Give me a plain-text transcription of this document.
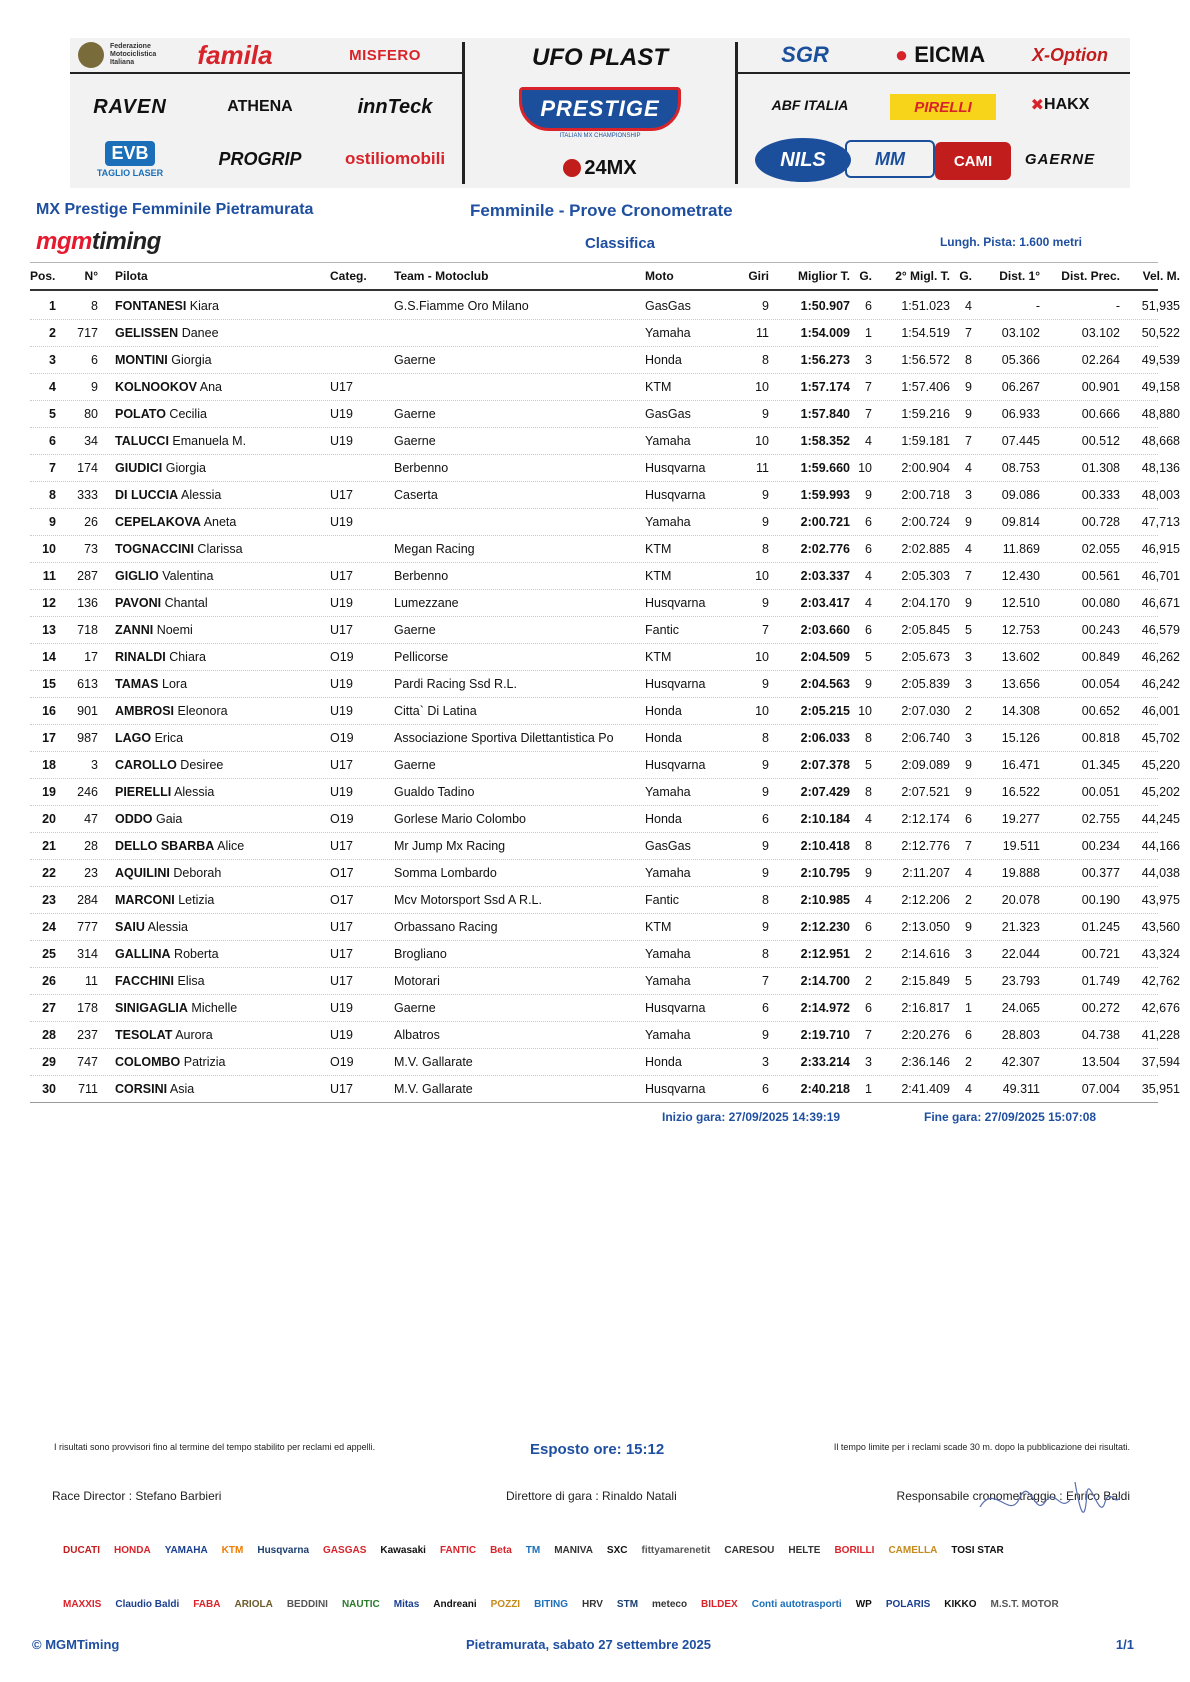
Federazione Motociclistica Italiana	famila	MISFERO
RAVEN	ATHENA	innTeck
EVB
TAGLIO LASER
PROGRIP	ostiliomobili
UFO PLAST
PRESTIGE
ITALIAN MX CHAMPIONSHIP
24MX
SGR	● EICMA	X-Option
ABF ITALIA	PIRELLI	✖ HAKX
NILS	MM	CAMI	GAERNE
MX Prestige Femminile Pietramurata	Femminile - Prove Cronometrate
mgmtiming	Classifica	Lungh. Pista: 1.600 metri
Pos.	N° Pilota	Categ. Team - Motoclub	Moto	Giri	Miglior T. G.	2° Migl. T. G.	Dist. 1° Dist. Prec.	Vel. M.
1	8 FONTANESI Kiara	G.S.Fiamme Oro Milano	GasGas	9	1:50.907	6	1:51.023	4	-	-	51,935
2	717 GELISSEN Danee	Yamaha	11	1:54.009	1	1:54.519	7	03.102	03.102	50,522
3	6 MONTINI Giorgia	Gaerne	Honda	8	1:56.273	3	1:56.572	8	05.366	02.264	49,539
4	9 KOLNOOKOV Ana	U17	KTM	10	1:57.174	7	1:57.406	9	06.267	00.901	49,158
5	80 POLATO Cecilia	U19	Gaerne	GasGas	9	1:57.840	7	1:59.216	9	06.933	00.666	48,880
6	34 TALUCCI Emanuela M.	U19	Gaerne	Yamaha	10	1:58.352	4	1:59.181	7	07.445	00.512	48,668
7	174 GIUDICI Giorgia	Berbenno	Husqvarna	11	1:59.660 10	2:00.904	4	08.753	01.308	48,136
8	333 DI LUCCIA Alessia	U17	Caserta	Husqvarna	9	1:59.993	9	2:00.718	3	09.086	00.333	48,003
9	26 CEPELAKOVA Aneta	U19	Yamaha	9	2:00.721	6	2:00.724	9	09.814	00.728	47,713
10	73 TOGNACCINI Clarissa	Megan Racing	KTM	8	2:02.776	6	2:02.885	4	11.869	02.055	46,915
11	287 GIGLIO Valentina	U17	Berbenno	KTM	10	2:03.337	4	2:05.303	7	12.430	00.561	46,701
12	136 PAVONI Chantal	U19	Lumezzane	Husqvarna	9	2:03.417	4	2:04.170	9	12.510	00.080	46,671
13	718 ZANNI Noemi	U17	Gaerne	Fantic	7	2:03.660	6	2:05.845	5	12.753	00.243	46,579
14	17 RINALDI Chiara	O19	Pellicorse	KTM	10	2:04.509	5	2:05.673	3	13.602	00.849	46,262
15	613 TAMAS Lora	U19	Pardi Racing Ssd R.L.	Husqvarna	9	2:04.563	9	2:05.839	3	13.656	00.054	46,242
16	901 AMBROSI Eleonora	U19	Citta` Di Latina	Honda	10	2:05.215 10	2:07.030	2	14.308	00.652	46,001
17	987 LAGO Erica	O19	Associazione Sportiva Dilettantistica Po	Honda	8	2:06.033	8	2:06.740	3	15.126	00.818	45,702
18	3 CAROLLO Desiree	U17	Gaerne	Husqvarna	9	2:07.378	5	2:09.089	9	16.471	01.345	45,220
19	246 PIERELLI Alessia	U19	Gualdo Tadino	Yamaha	9	2:07.429	8	2:07.521	9	16.522	00.051	45,202
20	47 ODDO Gaia	O19	Gorlese Mario Colombo	Honda	6	2:10.184	4	2:12.174	6	19.277	02.755	44,245
21	28 DELLO SBARBA Alice	U17	Mr Jump Mx Racing	GasGas	9	2:10.418	8	2:12.776	7	19.511	00.234	44,166
22	23 AQUILINI Deborah	O17	Somma Lombardo	Yamaha	9	2:10.795	9	2:11.207	4	19.888	00.377	44,038
23	284 MARCONI Letizia	O17	Mcv Motorsport Ssd A R.L.	Fantic	8	2:10.985	4	2:12.206	2	20.078	00.190	43,975
24	777 SAIU Alessia	U17	Orbassano Racing	KTM	9	2:12.230	6	2:13.050	9	21.323	01.245	43,560
25	314 GALLINA Roberta	U17	Brogliano	Yamaha	8	2:12.951	2	2:14.616	3	22.044	00.721	43,324
26	11 FACCHINI Elisa	U17	Motorari	Yamaha	7	2:14.700	2	2:15.849	5	23.793	01.749	42,762
27	178 SINIGAGLIA Michelle	U19	Gaerne	Husqvarna	6	2:14.972	6	2:16.817	1	24.065	00.272	42,676
28	237 TESOLAT Aurora	U19	Albatros	Yamaha	9	2:19.710	7	2:20.276	6	28.803	04.738	41,228
29	747 COLOMBO Patrizia	O19	M.V. Gallarate	Honda	3	2:33.214	3	2:36.146	2	42.307	13.504	37,594
30	711 CORSINI Asia	U17	M.V. Gallarate	Husqvarna	6	2:40.218	1	2:41.409	4	49.311	07.004	35,951
Inizio gara: 27/09/2025 14:39:19	Fine gara: 27/09/2025 15:07:08
I risultati sono provvisori fino al termine del tempo stabilito per reclami ed appelli.	Esposto ore: 15:12	Il tempo limite per i reclami scade 30 m. dopo la pubblicazione dei risultati.
Race Director : Stefano Barbieri	Direttore di gara : Rinaldo Natali	Responsabile cronometraggio : Enrico Baldi
DUCATI	HONDA	YAMAHA	KTM	Husqvarna	GASGAS	Kawasaki	FANTIC	Beta	TM	MANIVA	SXC	fittyamarenetit	CARESOU	HELTE	BORILLI	CAMELLA	TOSI STAR
MAXXIS	Claudio Baldi	FABA	ARIOLA	BEDDINI	NAUTIC	Mitas	Andreani	POZZI	BITING	HRV	STM	meteco	BILDEX	Conti autotrasporti	WP	POLARIS	KIKKO	M.S.T. MOTOR
© MGMTiming	Pietramurata, sabato 27 settembre 2025	1/1
